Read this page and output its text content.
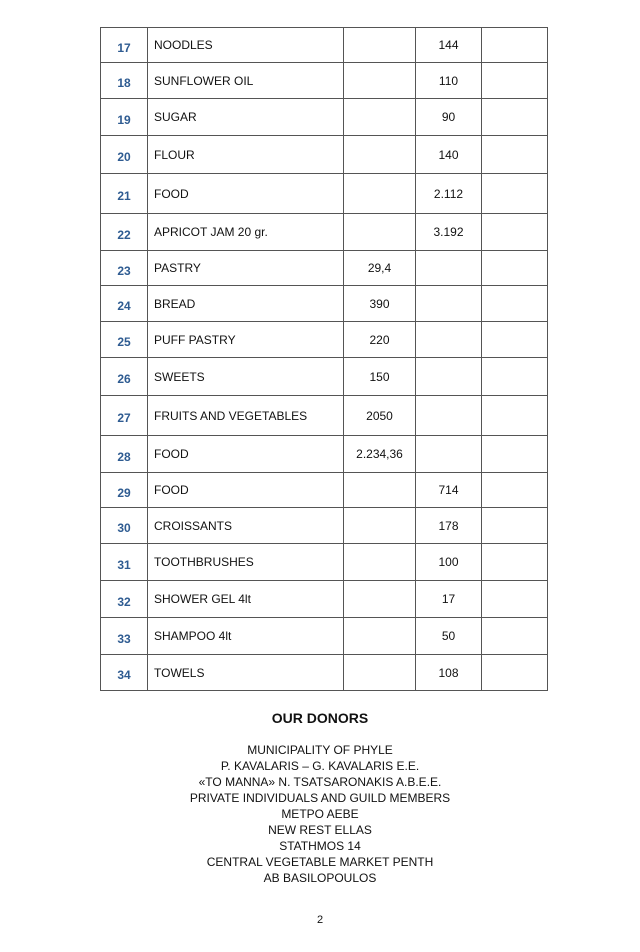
17	NOODLES		144	
18	SUNFLOWER OIL		110	
19	SUGAR		90	
20	FLOUR		140	
21	FOOD		2.112	
22	APRICOT JAM 20 gr.		3.192	
23	PASTRY	29,4		
24	BREAD	390		
25	PUFF PASTRY	220		
26	SWEETS	150		
27	FRUITS AND VEGETABLES	2050		
28	FOOD	2.234,36		
29	FOOD		714	
30	CROISSANTS		178	
31	TOOTHBRUSHES		100	
32	SHOWER GEL 4lt		17	
33	SHAMPOO 4lt		50	
34	TOWELS		108	
OUR DONORS
MUNICIPALITY OF PHYLE
P. KAVALARIS – G. KAVALARIS E.E.
«TO MANNA» N. TSATSARONAKIS A.B.E.E.
PRIVATE INDIVIDUALS AND GUILD MEMBERS
METPO AEBE
NEW REST ELLAS
STATHMOS 14
CENTRAL VEGETABLE MARKET PENTH
AB BASILOPOULOS
2
